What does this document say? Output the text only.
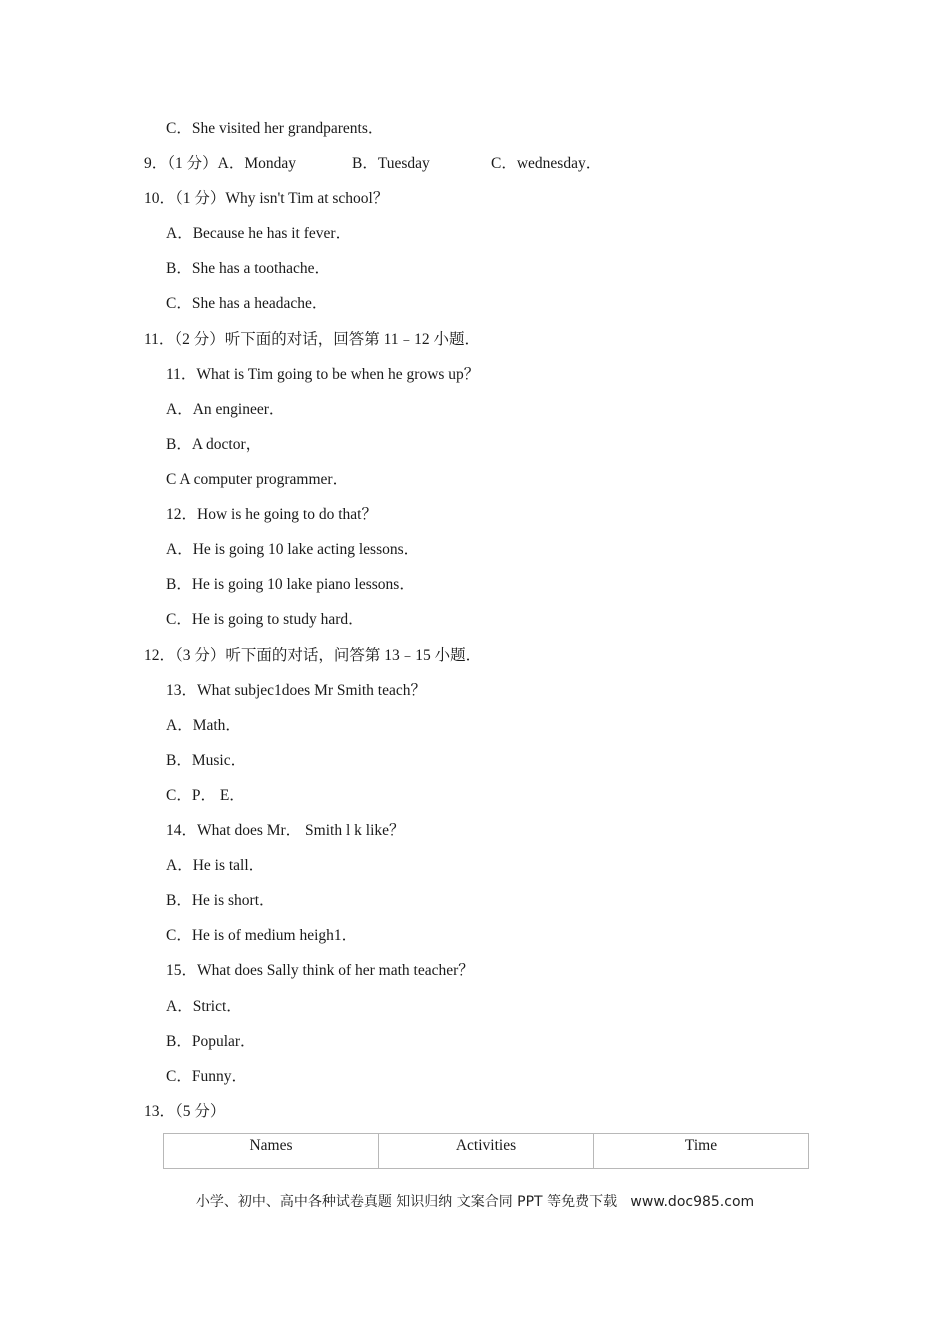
C．She visited her grandparents．
9．（1 分）A．Monday	B．Tuesday	C．wednesday．
10．（1 分）Why isn't Tim at school？
A．Because he has it fever．
B．She has a toothache．
C．She has a headache．
11．（2 分）听下面的对话，回答第 11﹣12 小题．
11．What is Tim going to be when he grows up？
A．An engineer．
B．A doctor，
C A computer programmer．
12．How is he going to do that？
A．He is going 10 lake acting lessons．
B．He is going 10 lake piano lessons．
C．He is going to study hard．
12．（3 分）听下面的对话，问答第 13﹣15 小题．
13．What subjec1does Mr Smith teach？
A．Math．
B．Music．
C．P． E．
14．What does Mr． Smith l k like？
A．He is tall．
B．He is short．
C．He is of medium heigh1．
15．What does Sally think of her math teacher？
A．Strict．
B．Popular．
C．Funny．
13．（5 分）
Names	Activities	Time
小学、初中、高中各种试卷真题 知识归纳 文案合同 PPT 等免费下载   www.doc985.com
